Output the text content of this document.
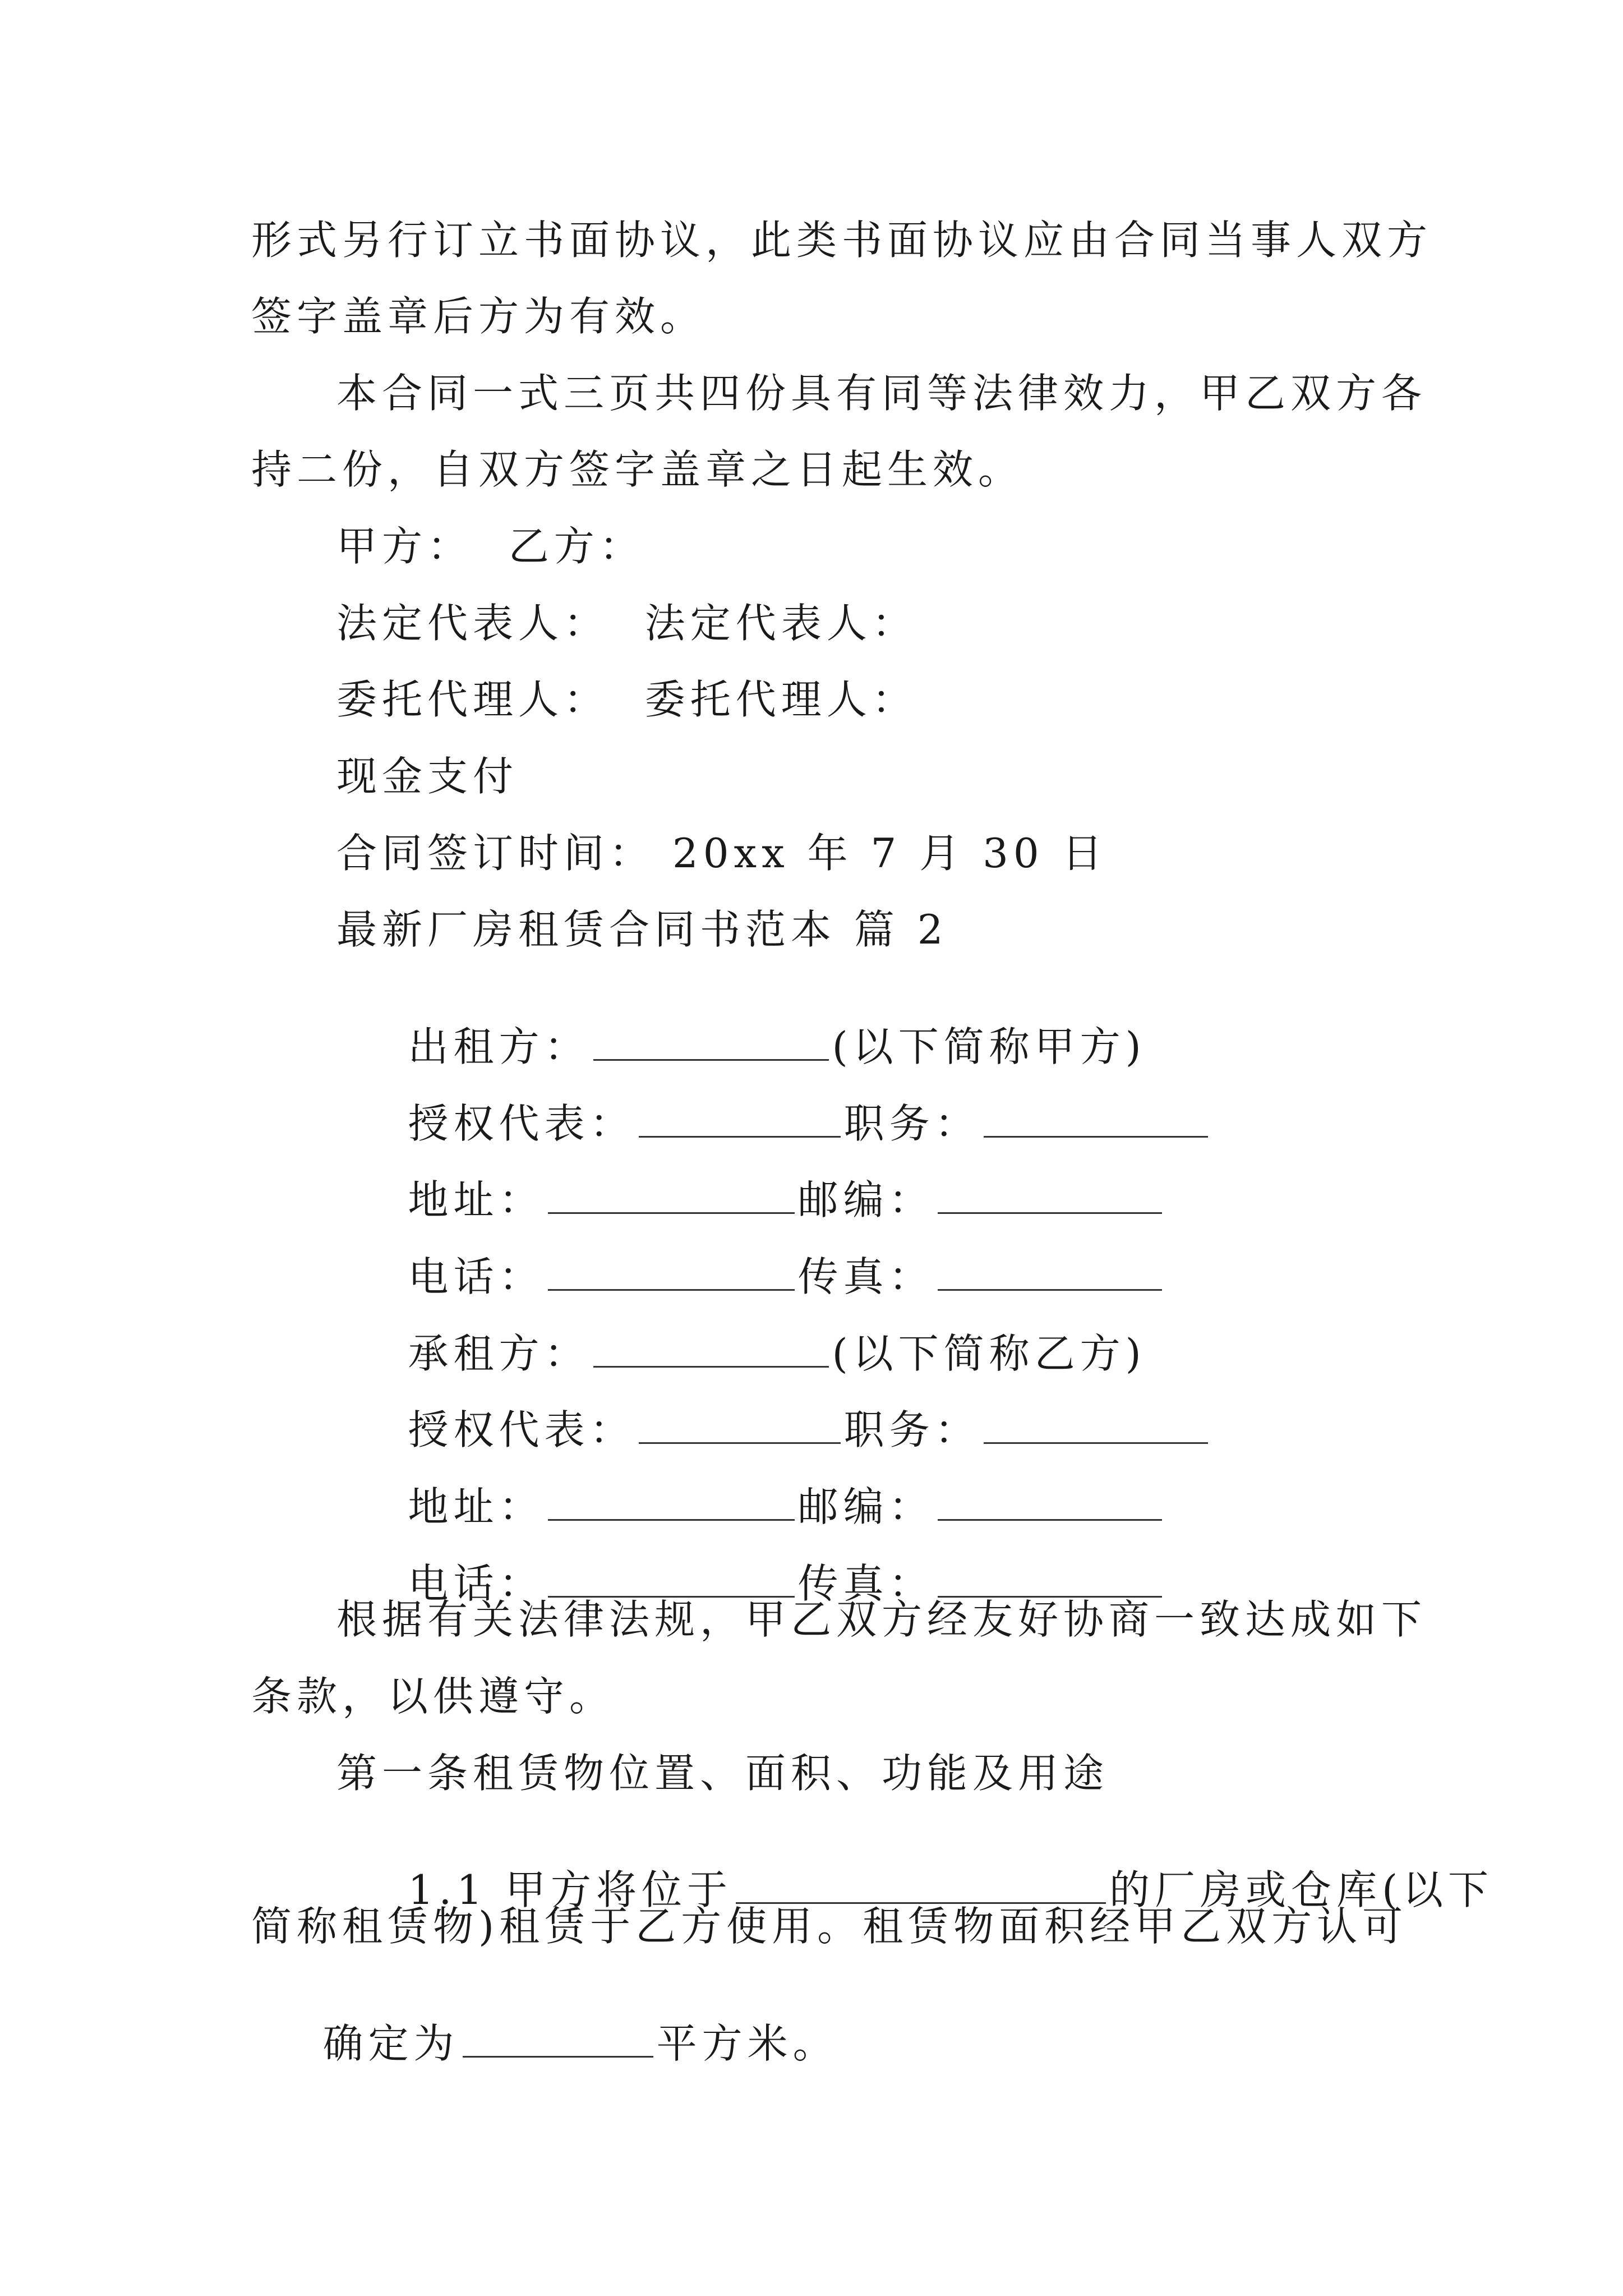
形式另行订立书面协议，此类书面协议应由合同当事人双方
签字盖章后方为有效。
本合同一式三页共四份具有同等法律效力，甲乙双方各
持二份，自双方签字盖章之日起生效。
甲方：  乙方：
法定代表人：  法定代表人：
委托代理人：  委托代理人：
现金支付
合同签订时间： 20xx 年 7 月 30 日
最新厂房租赁合同书范本 篇 2

出租方：	(以下简称甲方)

授权代表：	职务：

地址：	邮编：

电话：	传真：

承租方：	(以下简称乙方)

授权代表：	职务：

地址：	邮编：

电话：	传真：

根据有关法律法规，甲乙双方经友好协商一致达成如下
条款，以供遵守。
第一条租赁物位置、面积、功能及用途

1.1 甲方将位于	的厂房或仓库(以下

简称租赁物)租赁于乙方使用。租赁物面积经甲乙双方认可

确定为	平方米。
